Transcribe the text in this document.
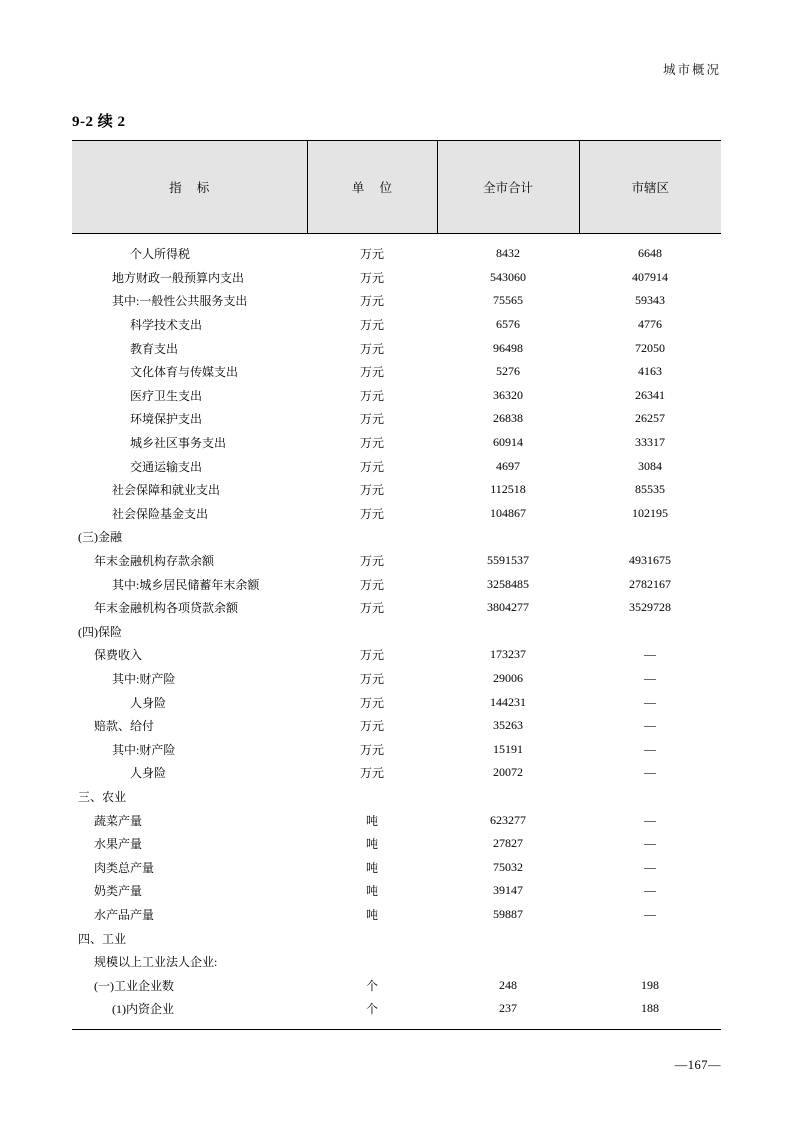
城市概况
9-2 续 2
指 标	单 位	全市合计	市辖区

个人所得税	万元	8432	6648

地方财政一般预算内支出	万元	543060	407914

其中:一般性公共服务支出	万元	75565	59343

科学技术支出	万元	6576	4776

教育支出	万元	96498	72050

文化体育与传媒支出	万元	5276	4163

医疗卫生支出	万元	36320	26341

环境保护支出	万元	26838	26257

城乡社区事务支出	万元	60914	33317

交通运输支出	万元	4697	3084

社会保障和就业支出	万元	112518	85535

社会保险基金支出	万元	104867	102195

(三)金融			

年末金融机构存款余额	万元	5591537	4931675

其中:城乡居民储蓄年末余额	万元	3258485	2782167

年末金融机构各项贷款余额	万元	3804277	3529728

(四)保险			

保费收入	万元	173237	—

其中:财产险	万元	29006	—

人身险	万元	144231	—

赔款、给付	万元	35263	—

其中:财产险	万元	15191	—

人身险	万元	20072	—

三、农业			

蔬菜产量	吨	623277	—

水果产量	吨	27827	—

肉类总产量	吨	75032	—

奶类产量	吨	39147	—

水产品产量	吨	59887	—

四、工业			

规模以上工业法人企业:			

(一)工业企业数	个	248	198

(1)内资企业	个	237	188
—167—
